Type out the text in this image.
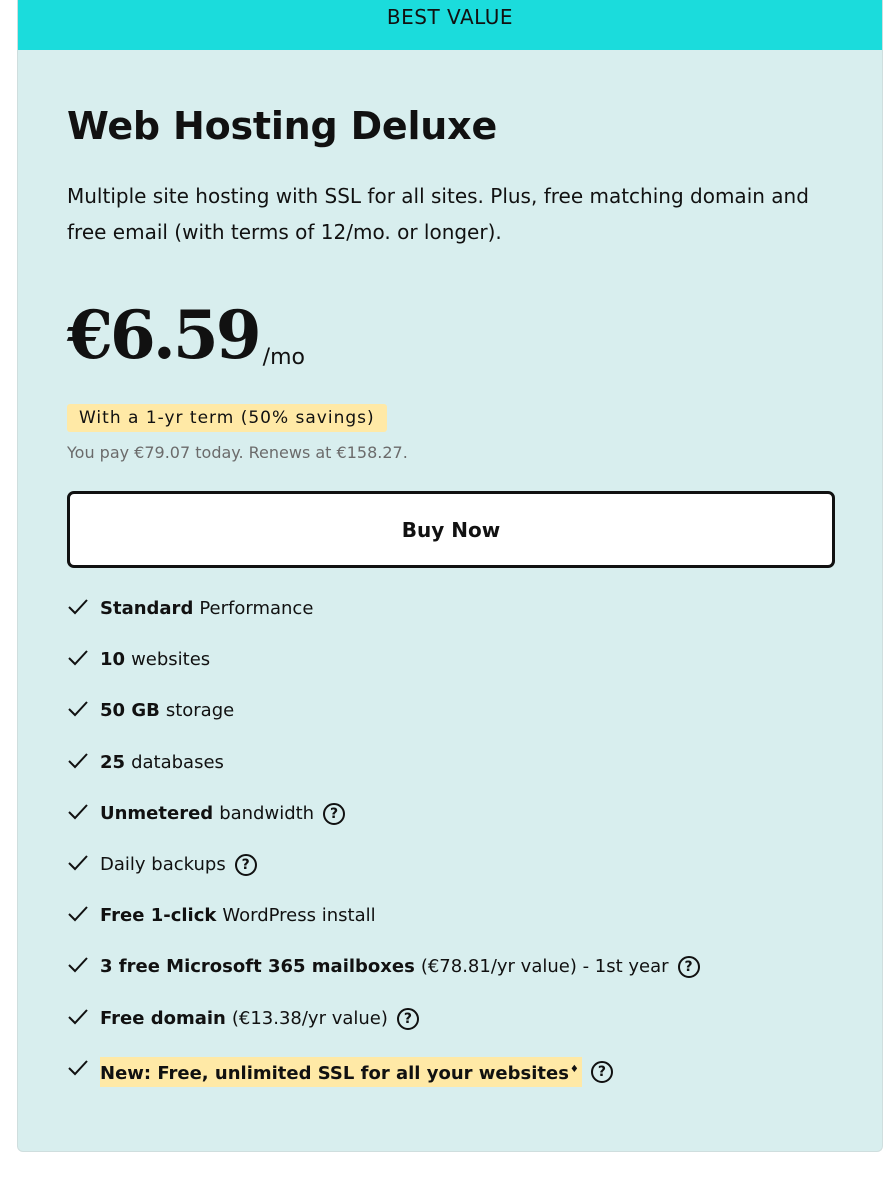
BEST VALUE
Web Hosting Deluxe

Multiple site hosting with SSL for all sites. Plus, free matching domain and free email (with terms of 12/mo. or longer).

€6.59 /mo
With a 1-yr term (50% savings)
You pay €79.07 today. Renews at €158.27.
Buy Now
Standard Performance
10 websites
50 GB storage
25 databases
Unmetered bandwidth	?
Daily backups	?
Free 1-click WordPress install
3 free Microsoft 365 mailboxes (€78.81/yr value) - 1st year	?
Free domain (€13.38/yr value)	?
New: Free, unlimited SSL for all your websites♦	?
